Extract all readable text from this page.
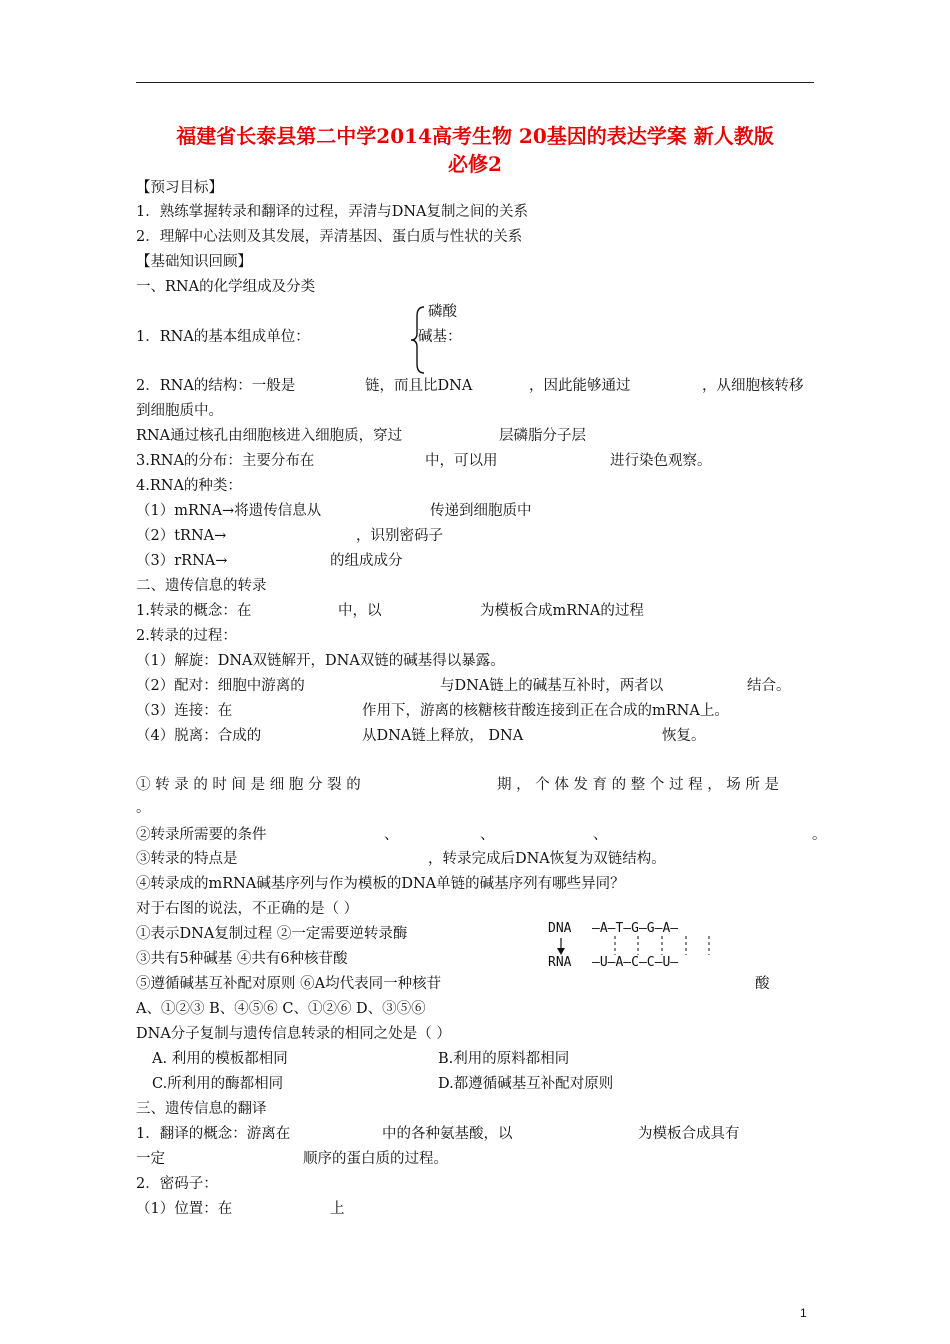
福建省长泰县第二中学2014高考生物 20基因的表达学案 新人教版
必修2
【预习目标】
1．熟练掌握转录和翻译的过程，弄清与DNA复制之间的关系
2．理解中心法则及其发展，弄清基因、蛋白质与性状的关系
【基础知识回顾】
一、RNA的化学组成及分类
磷酸
1．RNA的基本组成单位：	碱基：
2．RNA的结构：一般是	链，而且比DNA	，因此能够通过	，从细胞核转移
到细胞质中。
RNA通过核孔由细胞核进入细胞质，穿过	层磷脂分子层
3.RNA的分布：主要分布在	中，可以用	进行染色观察。
4.RNA的种类：
（1）mRNA→将遗传信息从	传递到细胞质中
（2）tRNA→	，识别密码子
（3）rRNA→	的组成成分
二、遗传信息的转录
1.转录的概念：在	中，以	为模板合成mRNA的过程
2.转录的过程：
（1）解旋：DNA双链解开，DNA双链的碱基得以暴露。
（2）配对：细胞中游离的	与DNA链上的碱基互补时，两者以	结合。
（3）连接：在	作用下，游离的核糖核苷酸连接到正在合成的mRNA上。
（4）脱离：合成的	从DNA链上释放， DNA	恢复。
① 转 录 的 时 间 是 细 胞 分 裂 的	期 ， 个 体 发 育 的 整 个 过 程 ， 场 所 是
。
②转录所需要的条件	、	、	、	。
③转录的特点是	，转录完成后DNA恢复为双链结构。
④转录成的mRNA碱基序列与作为模板的DNA单链的碱基序列有哪些异同？
对于右图的说法，不正确的是（ ）
①表示DNA复制过程 ②一定需要逆转录酶
③共有5种碱基 ④共有6种核苷酸
⑤遵循碱基互补配对原则 ⑥A均代表同一种核苷	酸
A、①②③ B、④⑤⑥ C、①②⑥ D、③⑤⑥
DNA
RNA
—A—T—G—G—A—
—U—A—C—C—U—
DNA分子复制与遗传信息转录的相同之处是（ ）
A. 利用的模板都相同	B.利用的原料都相同
C.所利用的酶都相同	D.都遵循碱基互补配对原则
三、遗传信息的翻译
1．翻译的概念：游离在	中的各种氨基酸，以	为模板合成具有
一定	顺序的蛋白质的过程。
2．密码子：
（1）位置：在	上
1
